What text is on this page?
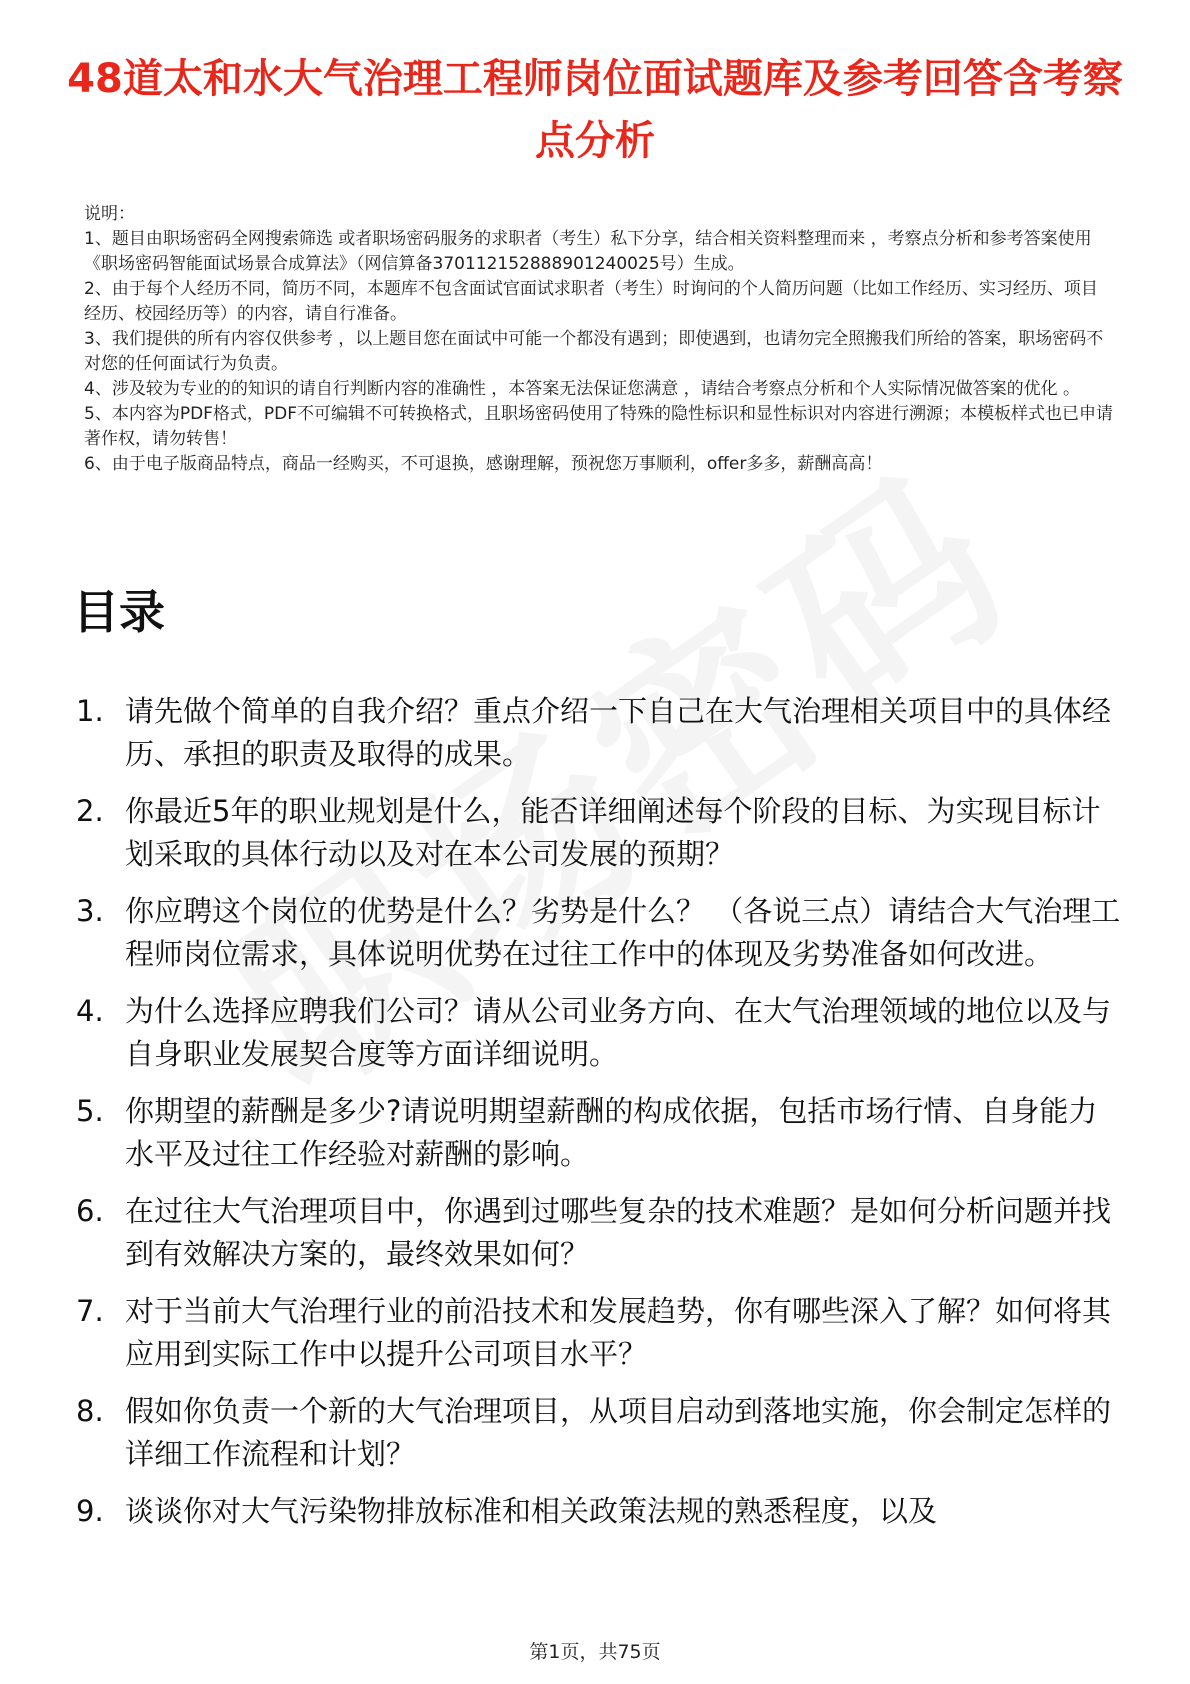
48道太和水大气治理工程师岗位面试题库及参考回答含考察点分析

说明：

1、题目由职场密码全网搜索筛选 或者职场密码服务的求职者（考生）私下分享，结合相关资料整理而来 ，考察点分析和参考答案使用《职场密码智能面试场景合成算法》（网信算备370112152888901240025号）生成。

2、由于每个人经历不同，简历不同，本题库不包含面试官面试求职者（考生）时询问的个人简历问题（比如工作经历、实习经历、项目经历、校园经历等）的内容，请自行准备。

3、我们提供的所有内容仅供参考 ，以上题目您在面试中可能一个都没有遇到；即使遇到，也请勿完全照搬我们所给的答案，职场密码不对您的任何面试行为负责。

4、涉及较为专业的的知识的请自行判断内容的准确性 ，本答案无法保证您满意 ，请结合考察点分析和个人实际情况做答案的优化 。

5、本内容为PDF格式，PDF不可编辑不可转换格式，且职场密码使用了特殊的隐性标识和显性标识对内容进行溯源；本模板样式也已申请著作权，请勿转售！

6、由于电子版商品特点，商品一经购买，不可退换，感谢理解，预祝您万事顺利，offer多多，薪酬高高！

目录
1. 请先做个简单的自我介绍？重点介绍一下自己在大气治理相关项目中的具体经历、承担的职责及取得的成果。
2. 你最近5年的职业规划是什么，能否详细阐述每个阶段的目标、为实现目标计划采取的具体行动以及对在本公司发展的预期？
3. 你应聘这个岗位的优势是什么？劣势是什么？ （各说三点）请结合大气治理工程师岗位需求，具体说明优势在过往工作中的体现及劣势准备如何改进。
4. 为什么选择应聘我们公司？请从公司业务方向、在大气治理领域的地位以及与自身职业发展契合度等方面详细说明。
5. 你期望的薪酬是多少?请说明期望薪酬的构成依据，包括市场行情、自身能力水平及过往工作经验对薪酬的影响。
6. 在过往大气治理项目中，你遇到过哪些复杂的技术难题？是如何分析问题并找到有效解决方案的，最终效果如何？
7. 对于当前大气治理行业的前沿技术和发展趋势，你有哪些深入了解？如何将其应用到实际工作中以提升公司项目水平？
8. 假如你负责一个新的大气治理项目，从项目启动到落地实施，你会制定怎样的详细工作流程和计划？
9. 谈谈你对大气污染物排放标准和相关政策法规的熟悉程度，以及
第1页，共75页
